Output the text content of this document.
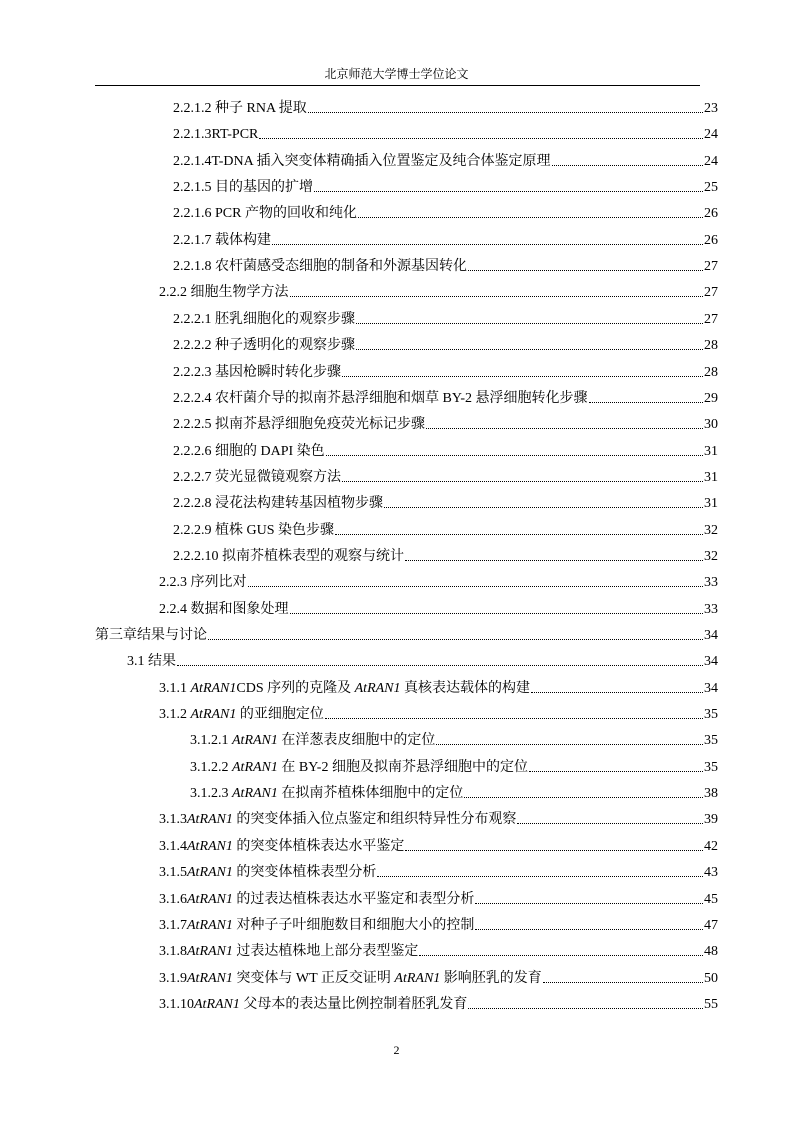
北京师范大学博士学位论文
2.2.1.2 种子 RNA 提取	23
2.2.1.3RT-PCR	24
2.2.1.4T-DNA 插入突变体精确插入位置鉴定及纯合体鉴定原理	24
2.2.1.5 目的基因的扩增	25
2.2.1.6 PCR 产物的回收和纯化	26
2.2.1.7 载体构建	26
2.2.1.8 农杆菌感受态细胞的制备和外源基因转化	27
2.2.2 细胞生物学方法	27
2.2.2.1 胚乳细胞化的观察步骤	27
2.2.2.2 种子透明化的观察步骤	28
2.2.2.3 基因枪瞬时转化步骤	28
2.2.2.4 农杆菌介导的拟南芥悬浮细胞和烟草 BY-2 悬浮细胞转化步骤	29
2.2.2.5 拟南芥悬浮细胞免疫荧光标记步骤	30
2.2.2.6 细胞的 DAPI 染色	31
2.2.2.7 荧光显微镜观察方法	31
2.2.2.8 浸花法构建转基因植物步骤	31
2.2.2.9 植株 GUS 染色步骤	32
2.2.2.10 拟南芥植株表型的观察与统计	32
2.2.3 序列比对	33
2.2.4 数据和图象处理	33
第三章结果与讨论	34
3.1 结果	34
3.1.1 AtRAN1CDS 序列的克隆及 AtRAN1 真核表达载体的构建	34
3.1.2 AtRAN1 的亚细胞定位	35
3.1.2.1 AtRAN1 在洋葱表皮细胞中的定位	35
3.1.2.2 AtRAN1 在 BY-2 细胞及拟南芥悬浮细胞中的定位	35
3.1.2.3 AtRAN1 在拟南芥植株体细胞中的定位	38
3.1.3AtRAN1 的突变体插入位点鉴定和组织特异性分布观察	39
3.1.4AtRAN1 的突变体植株表达水平鉴定	42
3.1.5AtRAN1 的突变体植株表型分析	43
3.1.6AtRAN1 的过表达植株表达水平鉴定和表型分析	45
3.1.7AtRAN1 对种子子叶细胞数目和细胞大小的控制	47
3.1.8AtRAN1 过表达植株地上部分表型鉴定	48
3.1.9AtRAN1 突变体与 WT 正反交证明 AtRAN1 影响胚乳的发育	50
3.1.10AtRAN1 父母本的表达量比例控制着胚乳发育	55
2
